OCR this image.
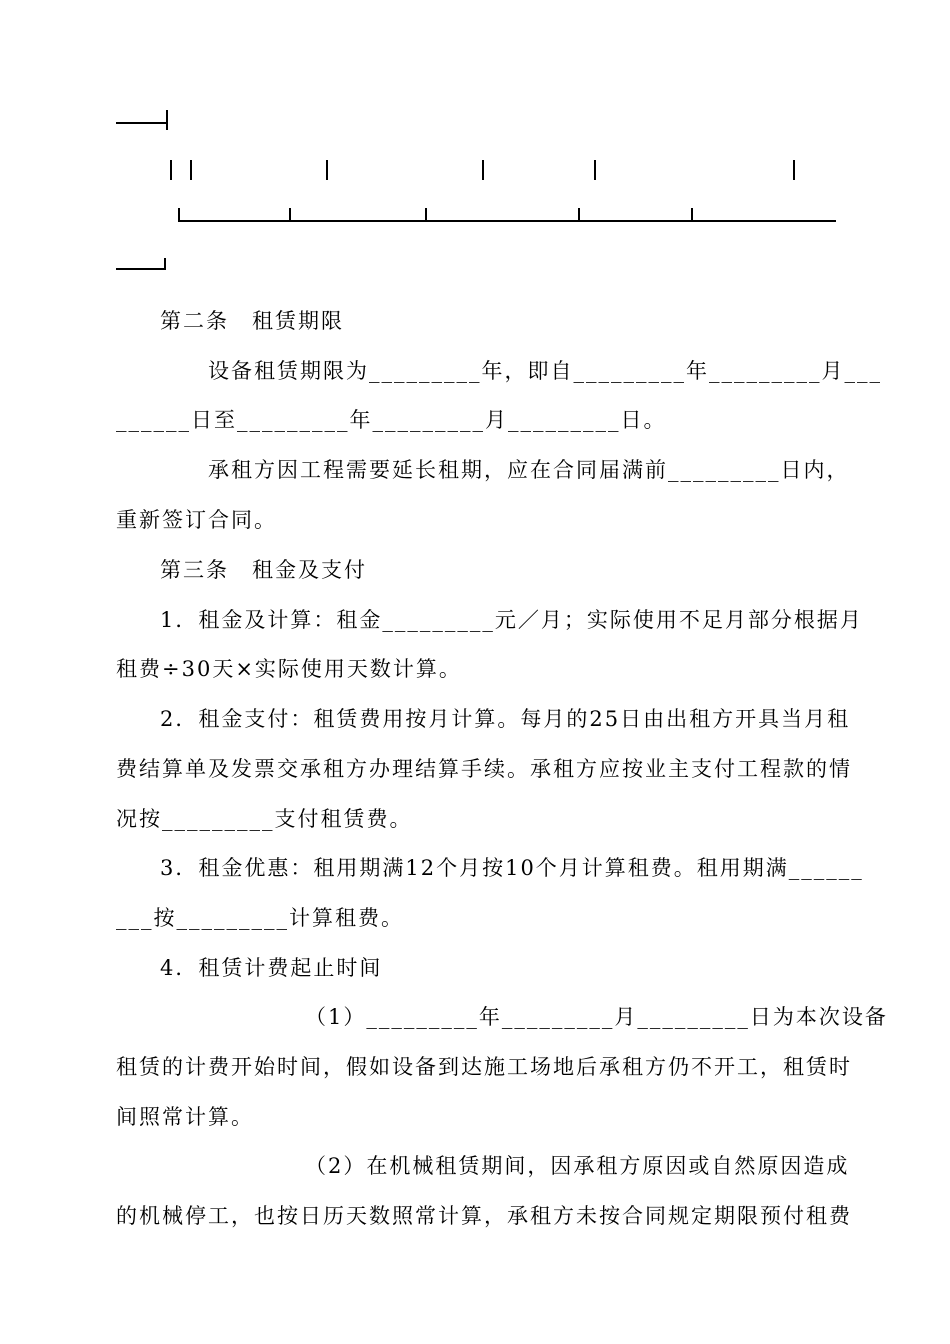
第二条　租赁期限
设备租赁期限为_________年，即自_________年_________月___
______日至_________年_________月_________日。
承租方因工程需要延长租期，应在合同届满前_________日内，
重新签订合同。
第三条　租金及支付
1．租金及计算：租金_________元／月；实际使用不足月部分根据月
租费÷30天×实际使用天数计算。
2．租金支付：租赁费用按月计算。每月的25日由出租方开具当月租
费结算单及发票交承租方办理结算手续。承租方应按业主支付工程款的情
况按_________支付租赁费。
3．租金优惠：租用期满12个月按10个月计算租费。租用期满______
___按_________计算租费。
4．租赁计费起止时间
（1）_________年_________月_________日为本次设备
租赁的计费开始时间，假如设备到达施工场地后承租方仍不开工，租赁时
间照常计算。
（2）在机械租赁期间，因承租方原因或自然原因造成
的机械停工，也按日历天数照常计算，承租方未按合同规定期限预付租费
